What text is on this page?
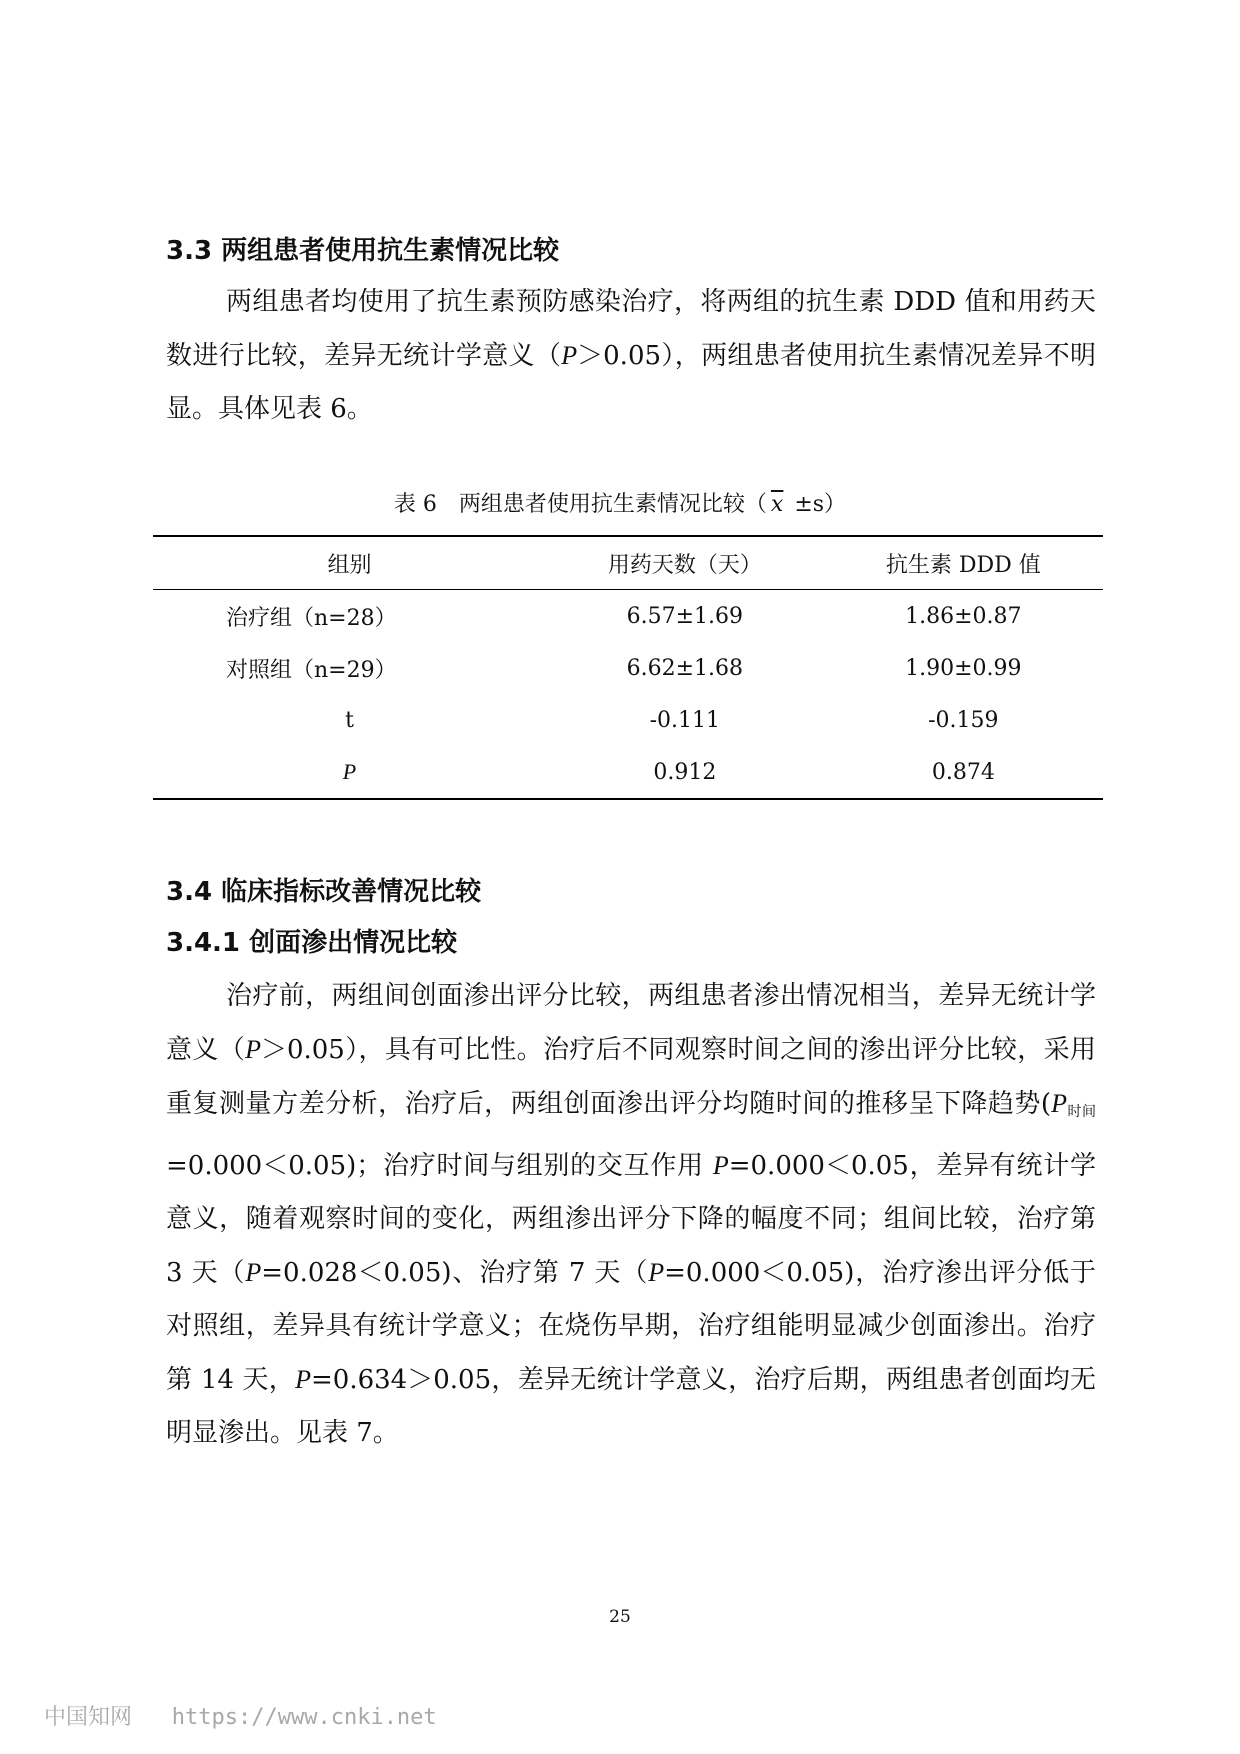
3.3 两组患者使用抗生素情况比较

两组患者均使用了抗生素预防感染治疗，将两组的抗生素 DDD 值和用药天数进行比较，差异无统计学意义（P＞0.05），两组患者使用抗生素情况差异不明显。具体见表 6。

表 6　两组患者使用抗生素情况比较（ $\overline{x} \pm s$）
组别	用药天数（天）	抗生素 DDD 值
治疗组（n=28）	6.57±1.69	1.86±0.87
对照组（n=29）	6.62±1.68	1.90±0.99
t	-0.111	-0.159
P	0.912	0.874
3.4 临床指标改善情况比较
3.4.1 创面渗出情况比较

治疗前，两组间创面渗出评分比较，两组患者渗出情况相当，差异无统计学意义（P＞0.05），具有可比性。治疗后不同观察时间之间的渗出评分比较，采用重复测量方差分析，治疗后，两组创面渗出评分均随时间的推移呈下降趋势$(P_{时间} =0.000<0.05)$；治疗时间与组别的交互作用 P=0.000＜0.05，差异有统计学意义，随着观察时间的变化，两组渗出评分下降的幅度不同；组间比较，治疗第 3 天（P=0.028＜0.05)、治疗第 7 天（P=0.000＜0.05)，治疗渗出评分低于对照组，差异具有统计学意义；在烧伤早期，治疗组能明显减少创面渗出。治疗第 14 天，P=0.634＞0.05，差异无统计学意义，治疗后期，两组患者创面均无明显渗出。见表 7。

25
中国知网 https://www.cnki.net
